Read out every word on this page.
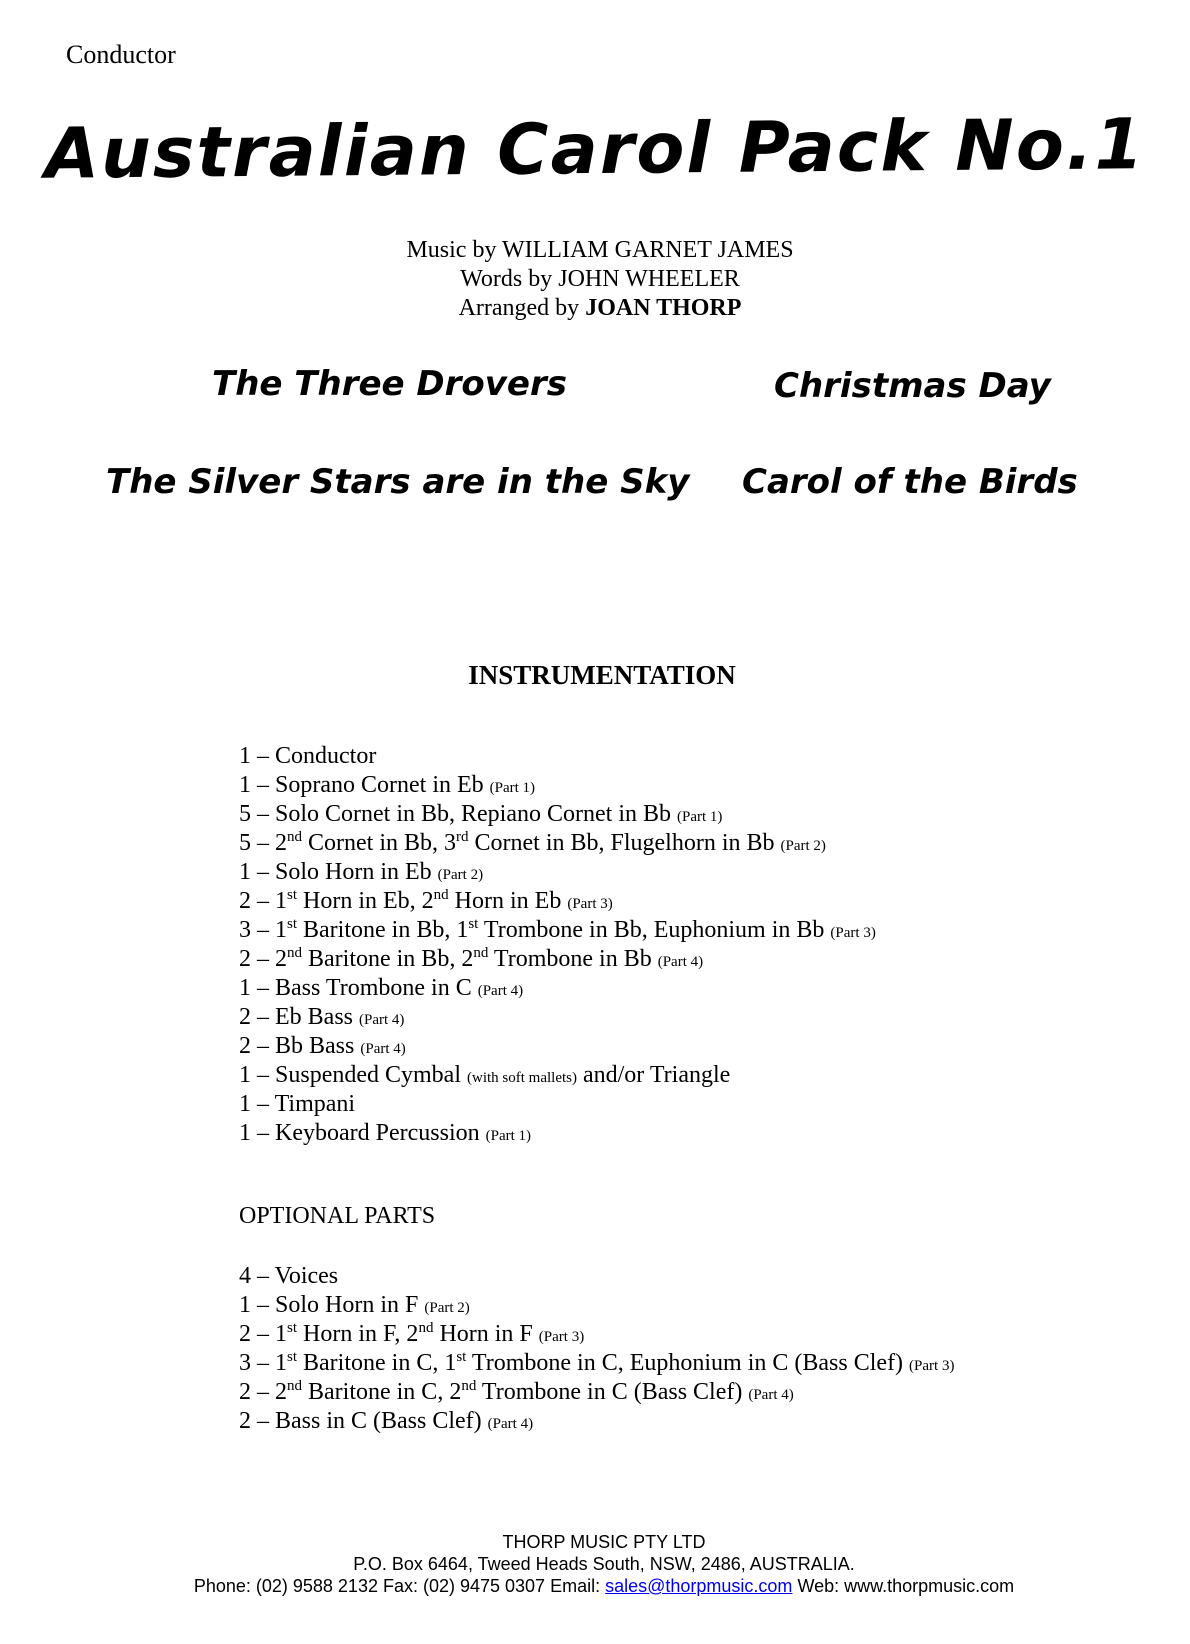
Conductor
Australian Carol Pack No.1
Music by WILLIAM GARNET JAMES
Words by JOHN WHEELER
Arranged by JOAN THORP
The Three Drovers	Christmas Day
The Silver Stars are in the Sky Carol of the Birds
INSTRUMENTATION
1 – Conductor
1 – Soprano Cornet in Eb (Part 1)
5 – Solo Cornet in Bb, Repiano Cornet in Bb (Part 1)
5 – 2nd Cornet in Bb, 3rd Cornet in Bb, Flugelhorn in Bb (Part 2)
1 – Solo Horn in Eb (Part 2)
2 – 1st Horn in Eb, 2nd Horn in Eb (Part 3)
3 – 1st Baritone in Bb, 1st Trombone in Bb, Euphonium in Bb (Part 3)
2 – 2nd Baritone in Bb, 2nd Trombone in Bb (Part 4)
1 – Bass Trombone in C (Part 4)
2 – Eb Bass (Part 4)
2 – Bb Bass (Part 4)
1 – Suspended Cymbal (with soft mallets) and/or Triangle
1 – Timpani
1 – Keyboard Percussion (Part 1)
OPTIONAL PARTS
4 – Voices
1 – Solo Horn in F (Part 2)
2 – 1st Horn in F, 2nd Horn in F (Part 3)
3 – 1st Baritone in C, 1st Trombone in C, Euphonium in C (Bass Clef) (Part 3)
2 – 2nd Baritone in C, 2nd Trombone in C (Bass Clef) (Part 4)
2 – Bass in C (Bass Clef) (Part 4)
THORP MUSIC PTY LTD
P.O. Box 6464, Tweed Heads South, NSW, 2486, AUSTRALIA.
Phone: (02) 9588 2132 Fax: (02) 9475 0307 Email: sales@thorpmusic.com Web: www.thorpmusic.com
